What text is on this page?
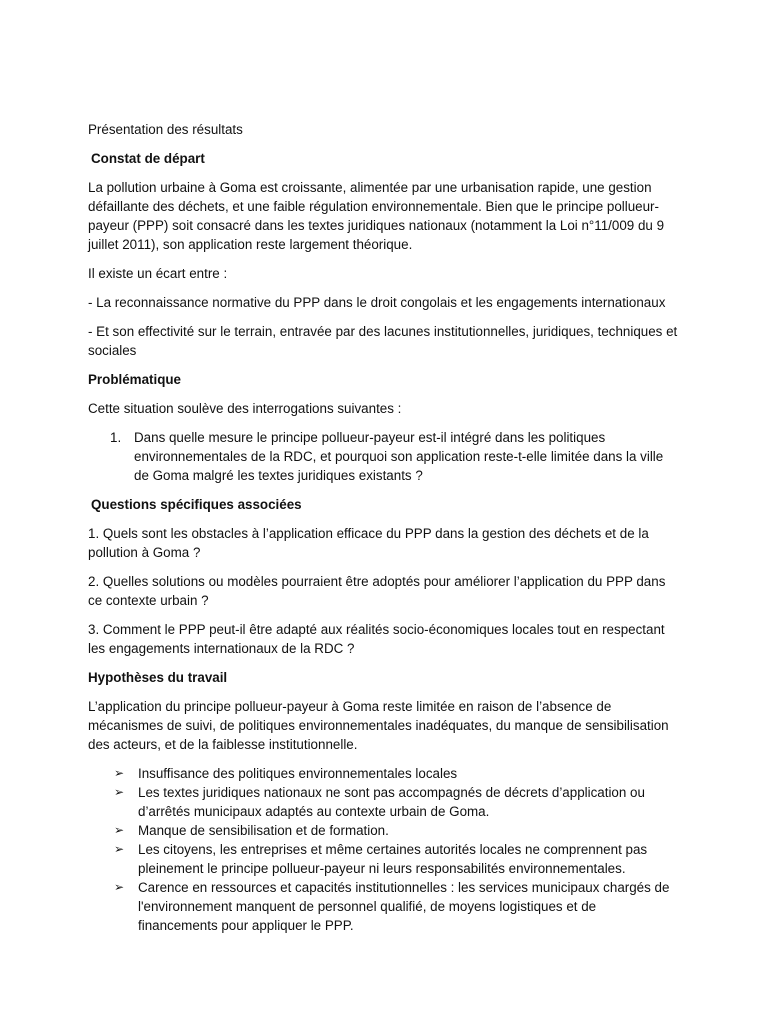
Présentation des résultats

Constat de départ

La pollution urbaine à Goma est croissante, alimentée par une urbanisation rapide, une gestion défaillante des déchets, et une faible régulation environnementale. Bien que le principe pollueur-payeur (PPP) soit consacré dans les textes juridiques nationaux (notamment la Loi n°11/009 du 9 juillet 2011), son application reste largement théorique.

Il existe un écart entre :

- La reconnaissance normative du PPP dans le droit congolais et les engagements internationaux

- Et son effectivité sur le terrain, entravée par des lacunes institutionnelles, juridiques, techniques et sociales

Problématique

Cette situation soulève des interrogations suivantes :

1. Dans quelle mesure le principe pollueur-payeur est-il intégré dans les politiques environnementales de la RDC, et pourquoi son application reste-t-elle limitée dans la ville de Goma malgré les textes juridiques existants ?

Questions spécifiques associées

1. Quels sont les obstacles à l’application efficace du PPP dans la gestion des déchets et de la pollution à Goma ?

2. Quelles solutions ou modèles pourraient être adoptés pour améliorer l’application du PPP dans ce contexte urbain ?

3. Comment le PPP peut-il être adapté aux réalités socio-économiques locales tout en respectant les engagements internationaux de la RDC ?

Hypothèses du travail

L’application du principe pollueur-payeur à Goma reste limitée en raison de l’absence de mécanismes de suivi, de politiques environnementales inadéquates, du manque de sensibilisation des acteurs, et de la faiblesse institutionnelle.

➢ Insuffisance des politiques environnementales locales
➢ Les textes juridiques nationaux ne sont pas accompagnés de décrets d’application ou d’arrêtés municipaux adaptés au contexte urbain de Goma.
➢ Manque de sensibilisation et de formation.
➢ Les citoyens, les entreprises et même certaines autorités locales ne comprennent pas pleinement le principe pollueur-payeur ni leurs responsabilités environnementales.
➢ Carence en ressources et capacités institutionnelles : les services municipaux chargés de l'environnement manquent de personnel qualifié, de moyens logistiques et de financements pour appliquer le PPP.
